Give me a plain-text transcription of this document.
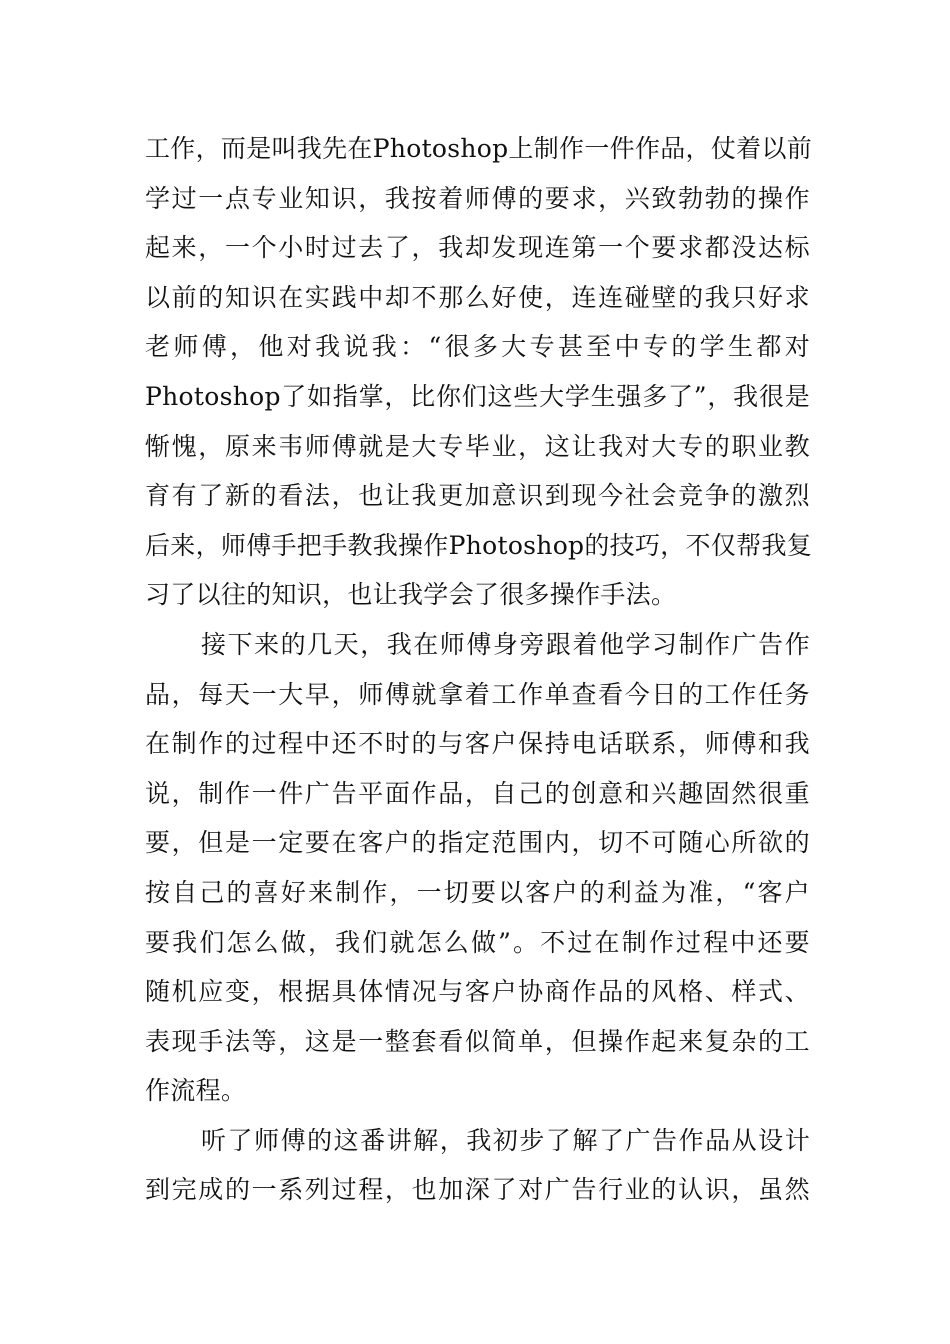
工作，而是叫我先在Photoshop上制作一件作品，仗着以前
学过一点专业知识，我按着师傅的要求，兴致勃勃的操作
起来，一个小时过去了，我却发现连第一个要求都没达标
以前的知识在实践中却不那么好使，连连碰壁的我只好求
老师傅，他对我说我：“很多大专甚至中专的学生都对
Photoshop了如指掌，比你们这些大学生强多了”，我很是
惭愧，原来韦师傅就是大专毕业，这让我对大专的职业教
育有了新的看法，也让我更加意识到现今社会竞争的激烈
后来，师傅手把手教我操作Photoshop的技巧，不仅帮我复
习了以往的知识，也让我学会了很多操作手法。
接下来的几天，我在师傅身旁跟着他学习制作广告作
品，每天一大早，师傅就拿着工作单查看今日的工作任务
在制作的过程中还不时的与客户保持电话联系，师傅和我
说，制作一件广告平面作品，自己的创意和兴趣固然很重
要，但是一定要在客户的指定范围内，切不可随心所欲的
按自己的喜好来制作，一切要以客户的利益为准，“客户
要我们怎么做，我们就怎么做”。不过在制作过程中还要
随机应变，根据具体情况与客户协商作品的风格、样式、
表现手法等，这是一整套看似简单，但操作起来复杂的工
作流程。
听了师傅的这番讲解，我初步了解了广告作品从设计
到完成的一系列过程，也加深了对广告行业的认识，虽然
